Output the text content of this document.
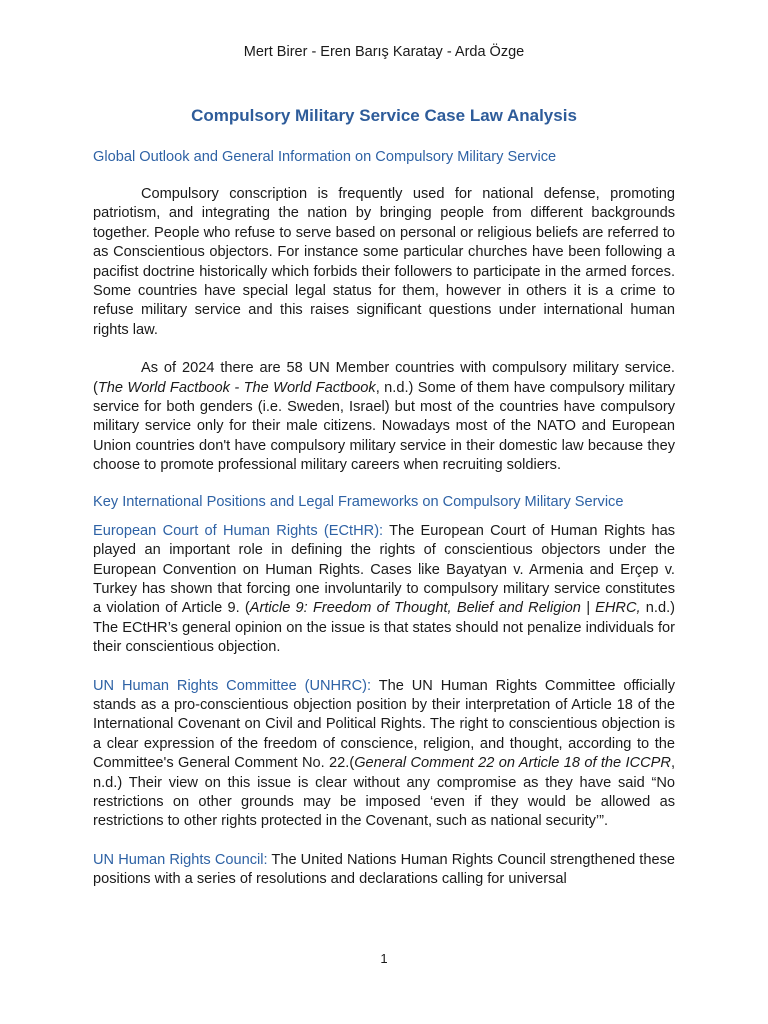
Mert Birer - Eren Barış Karatay - Arda Özge
Compulsory Military Service Case Law Analysis

Global Outlook and General Information on Compulsory Military Service

Compulsory conscription is frequently used for national defense, promoting patriotism, and integrating the nation by bringing people from different backgrounds together. People who refuse to serve based on personal or religious beliefs are referred to as Conscientious objectors. For instance some particular churches have been following a pacifist doctrine historically which forbids their followers to participate in the armed forces. Some countries have special legal status for them, however in others it is a crime to refuse military service and this raises significant questions under international human rights law.

As of 2024 there are 58 UN Member countries with compulsory military service. (The World Factbook - The World Factbook, n.d.) Some of them have compulsory military service for both genders (i.e. Sweden, Israel) but most of the countries have compulsory military service only for their male citizens. Nowadays most of the NATO and European Union countries don't have compulsory military service in their domestic law because they choose to promote professional military careers when recruiting soldiers.

Key International Positions and Legal Frameworks on Compulsory Military Service

European Court of Human Rights (ECtHR): The European Court of Human Rights has played an important role in defining the rights of conscientious objectors under the European Convention on Human Rights. Cases like Bayatyan v. Armenia and Erçep v. Turkey has shown that forcing one involuntarily to compulsory military service constitutes a violation of Article 9. (Article 9: Freedom of Thought, Belief and Religion | EHRC, n.d.) The ECtHR’s general opinion on the issue is that states should not penalize individuals for their conscientious objection.

UN Human Rights Committee (UNHRC): The UN Human Rights Committee officially stands as a pro-conscientious objection position by their interpretation of Article 18 of the International Covenant on Civil and Political Rights. The right to conscientious objection is a clear expression of the freedom of conscience, religion, and thought, according to the Committee's General Comment No. 22.(General Comment 22 on Article 18 of the ICCPR, n.d.) Their view on this issue is clear without any compromise as they have said “No restrictions on other grounds may be imposed ‘even if they would be allowed as restrictions to other rights protected in the Covenant, such as national security’”.

UN Human Rights Council: The United Nations Human Rights Council strengthened these positions with a series of resolutions and declarations calling for universal

1
